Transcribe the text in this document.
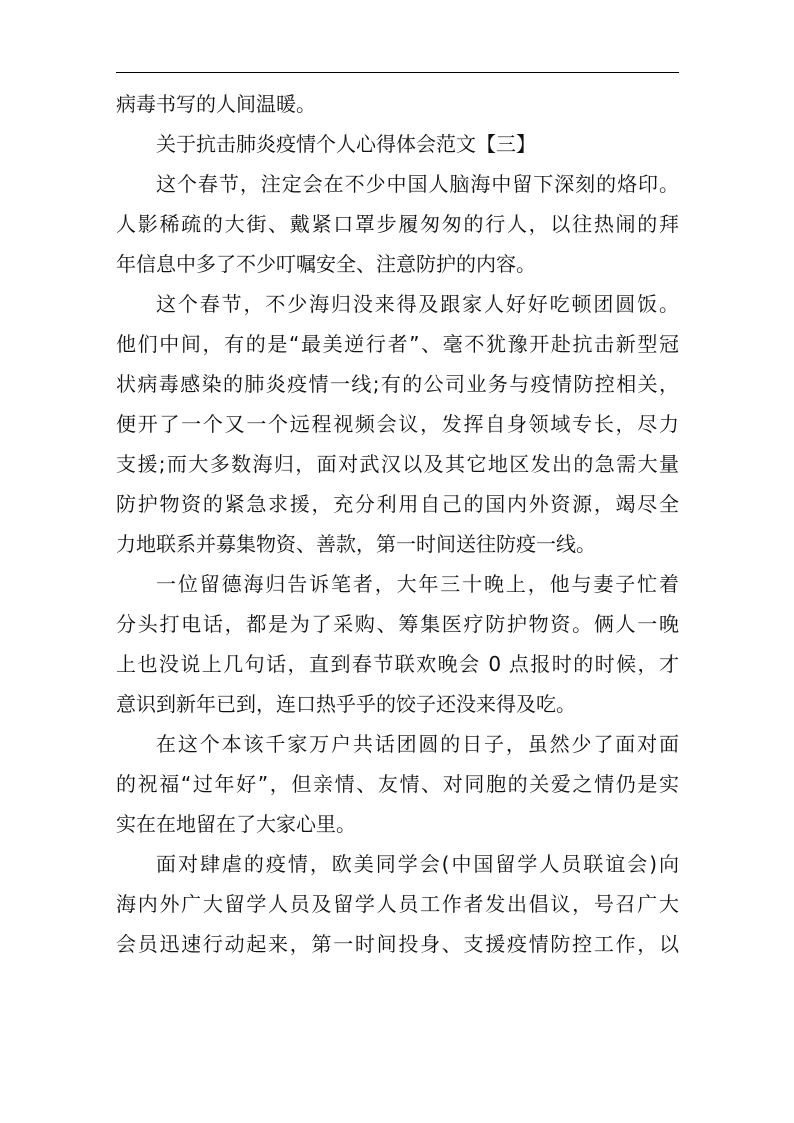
病毒书写的人间温暖。
关于抗击肺炎疫情个人心得体会范文【三】
这个春节，注定会在不少中国人脑海中留下深刻的烙印。
人影稀疏的大街、戴紧口罩步履匆匆的行人，以往热闹的拜
年信息中多了不少叮嘱安全、注意防护的内容。
这个春节，不少海归没来得及跟家人好好吃顿团圆饭。
他们中间，有的是“最美逆行者”、毫不犹豫开赴抗击新型冠
状病毒感染的肺炎疫情一线;有的公司业务与疫情防控相关，
便开了一个又一个远程视频会议，发挥自身领域专长，尽力
支援;而大多数海归，面对武汉以及其它地区发出的急需大量
防护物资的紧急求援，充分利用自己的国内外资源，竭尽全
力地联系并募集物资、善款，第一时间送往防疫一线。
一位留德海归告诉笔者，大年三十晚上，他与妻子忙着
分头打电话，都是为了采购、筹集医疗防护物资。俩人一晚
上也没说上几句话，直到春节联欢晚会 0 点报时的时候，才
意识到新年已到，连口热乎乎的饺子还没来得及吃。
在这个本该千家万户共话团圆的日子，虽然少了面对面
的祝福“过年好”，但亲情、友情、对同胞的关爱之情仍是实
实在在地留在了大家心里。
面对肆虐的疫情，欧美同学会(中国留学人员联谊会)向
海内外广大留学人员及留学人员工作者发出倡议，号召广大
会员迅速行动起来，第一时间投身、支援疫情防控工作，以
